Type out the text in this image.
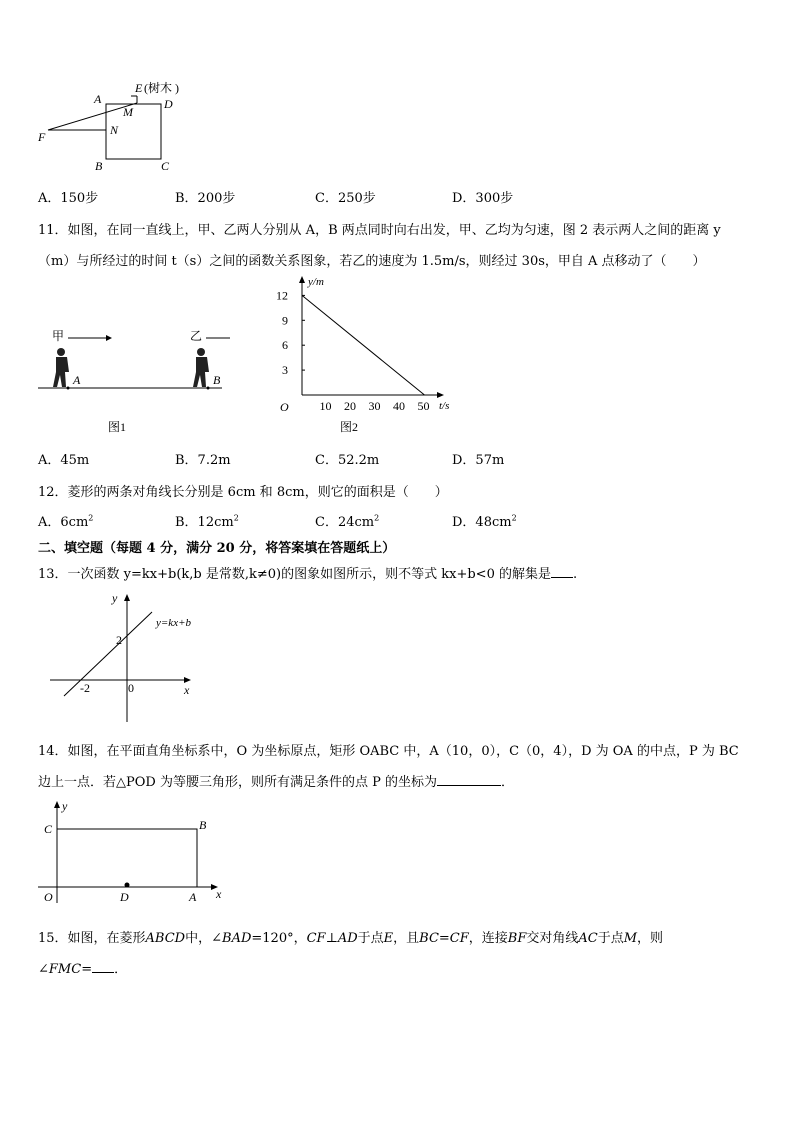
A
E (树木 )
D
M
N
F
B	C
A．150步	B．200步	C．250步	D．300步
11．如图，在同一直线上，甲、乙两人分别从 A，B 两点同时向右出发，甲、乙均为匀速，图 2 表示两人之间的距离 y
（m）与所经过的时间 t（s）之间的函数关系图象，若乙的速度为 1.5m/s，则经过 30s，甲自 A 点移动了（　　）
甲	乙
A	B
图1
y/m
t/s
O
3
6
9
12
10 20 30 40 50
图2
A．45m	B．7.2m	C．52.2m	D．57m
12．菱形的两条对角线长分别是 6cm 和 8cm，则它的面积是（　　）
A．$6cm^2$	B．$12cm^2$	C．$24cm^2$	D．$48cm^2$
二、填空题（每题 4 分，满分 20 分，将答案填在答题纸上）
13．一次函数 y=kx+b(k,b 是常数,k≠0)的图象如图所示，则不等式 kx+b<0 的解集是 .
y
x
y=kx+b
2
-2	0
14．如图，在平面直角坐标系中，O 为坐标原点，矩形 OABC 中，A（10，0），C（0，4），D 为 OA 的中点，P 为 BC
边上一点．若△POD 为等腰三角形，则所有满足条件的点 P 的坐标为	．
y
x
O	A
B
C
D
15．如图，在菱形ABCD中，∠BAD=120°，CF⊥AD于点E，且BC=CF，连接BF交对角线AC于点M，则
∠FMC= ．
